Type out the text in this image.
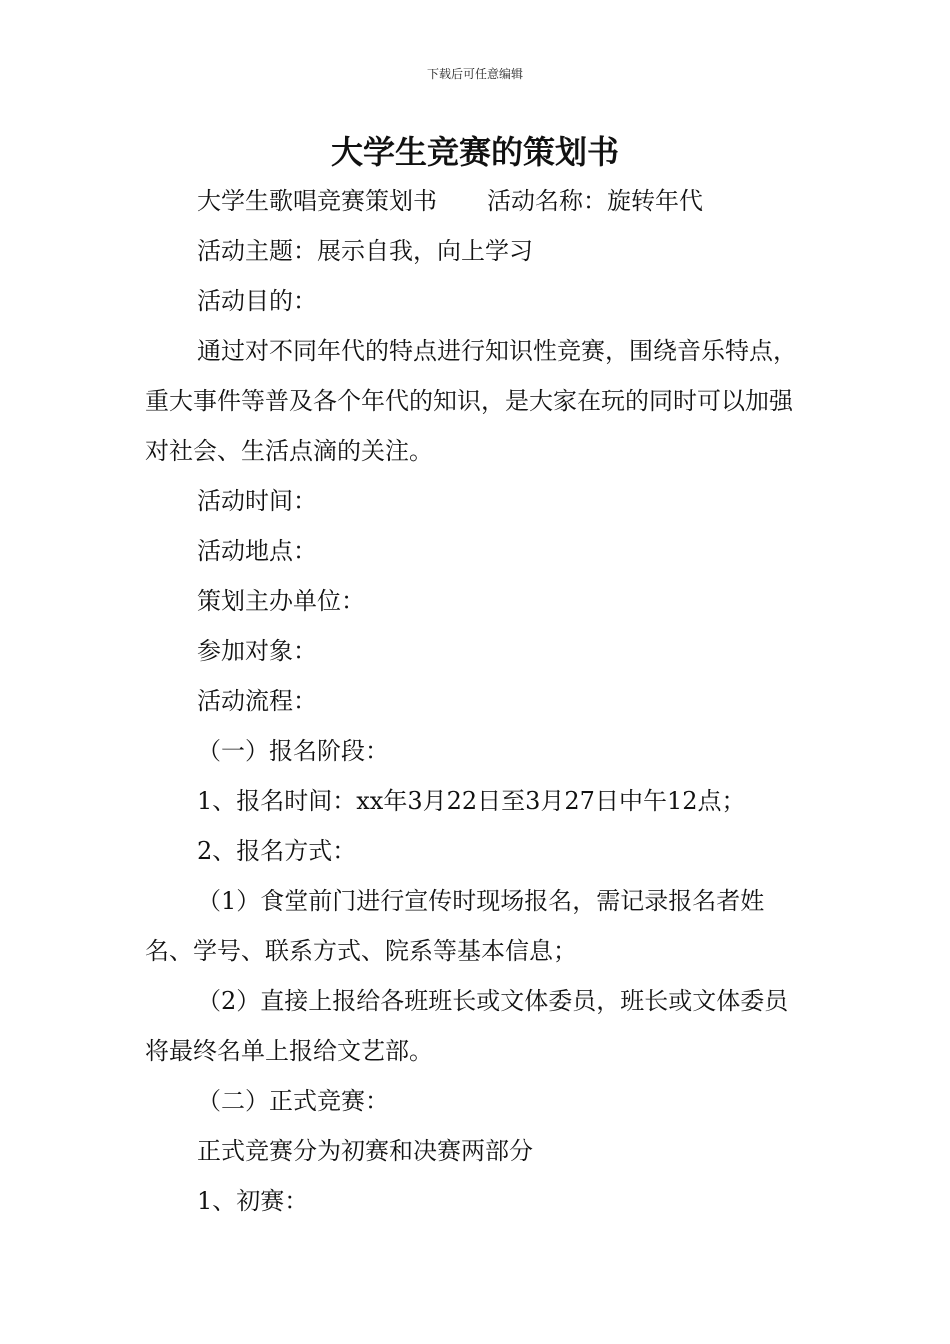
下载后可任意编辑
大学生竞赛的策划书

大学生歌唱竞赛策划书 活动名称：旋转年代

活动主题：展示自我，向上学习

活动目的：

通过对不同年代的特点进行知识性竞赛，围绕音乐特点，重大事件等普及各个年代的知识，是大家在玩的同时可以加强对社会、生活点滴的关注。

活动时间：

活动地点：

策划主办单位：

参加对象：

活动流程：

（一）报名阶段：

1、报名时间：xx年3月22日至3月27日中午12点；

2、报名方式：

（1）食堂前门进行宣传时现场报名，需记录报名者姓名、学号、联系方式、院系等基本信息；

（2）直接上报给各班班长或文体委员，班长或文体委员将最终名单上报给文艺部。

（二）正式竞赛：

正式竞赛分为初赛和决赛两部分

1、初赛：
